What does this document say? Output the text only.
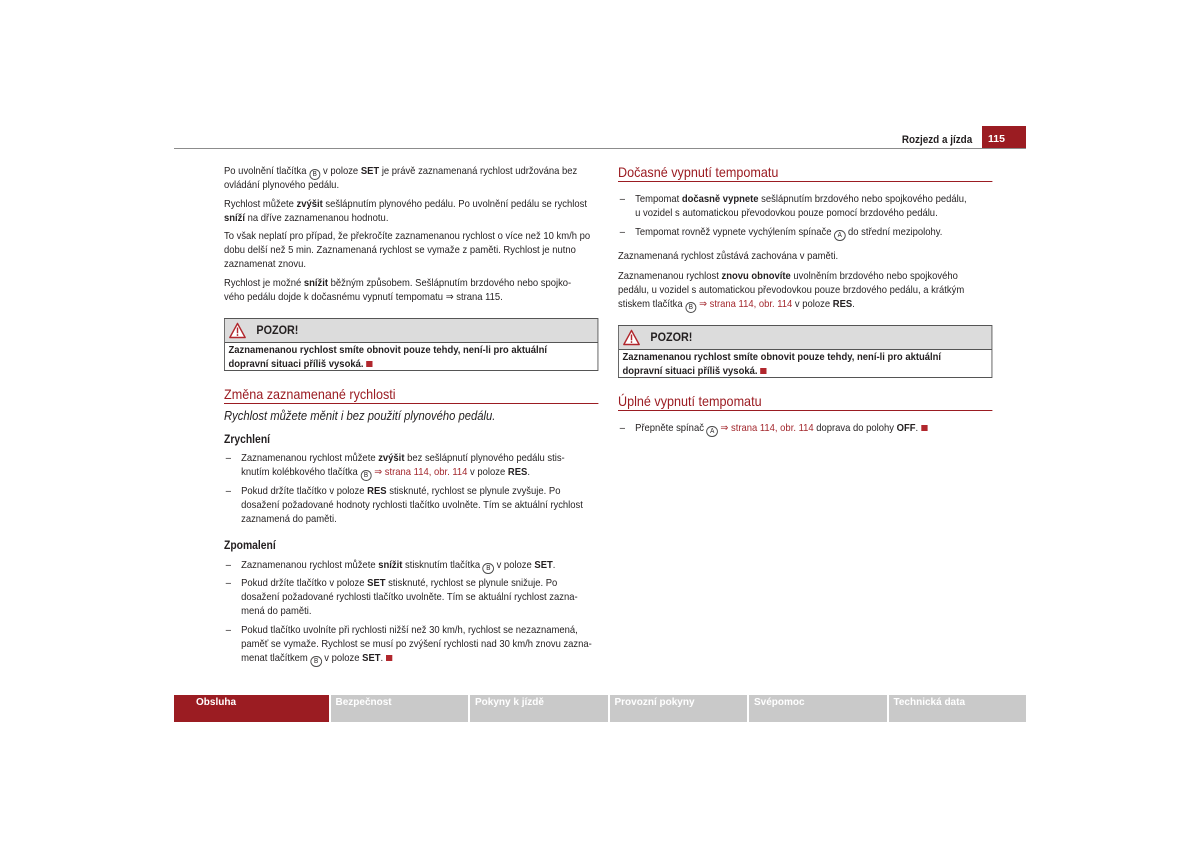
Rozjezd a jízda	115
Po uvolnění tlačítka B v poloze SET je právě zaznamenaná rychlost udržována bez
ovládání plynového pedálu.
Rychlost můžete zvýšit sešlápnutím plynového pedálu. Po uvolnění pedálu se rychlost
sníží na dříve zaznamenanou hodnotu.
To však neplatí pro případ, že překročíte zaznamenanou rychlost o více než 10 km/h po
dobu delší než 5 min. Zaznamenaná rychlost se vymaže z paměti. Rychlost je nutno
zaznamenat znovu.
Rychlost je možné snížit běžným způsobem. Sešlápnutím brzdového nebo spojko-
vého pedálu dojde k dočasnému vypnutí tempomatu ⇒ strana 115.
POZOR!
Zaznamenanou rychlost smíte obnovit pouze tehdy, není-li pro aktuální
dopravní situaci příliš vysoká.
Změna zaznamenané rychlosti
Rychlost můžete měnit i bez použití plynového pedálu.
Zrychlení
– Zaznamenanou rychlost můžete zvýšit bez sešlápnutí plynového pedálu stis-
knutím kolébkového tlačítka B ⇒ strana 114, obr. 114 v poloze RES.
– Pokud držíte tlačítko v poloze RES stisknuté, rychlost se plynule zvyšuje. Po
dosažení požadované hodnoty rychlosti tlačítko uvolněte. Tím se aktuální rychlost
zaznamená do paměti.
Zpomalení
– Zaznamenanou rychlost můžete snížit stisknutím tlačítka B v poloze SET.
– Pokud držíte tlačítko v poloze SET stisknuté, rychlost se plynule snižuje. Po
dosažení požadované rychlosti tlačítko uvolněte. Tím se aktuální rychlost zazna-
mená do paměti.
– Pokud tlačítko uvolníte při rychlosti nižší než 30 km/h, rychlost se nezaznamená,
paměť se vymaže. Rychlost se musí po zvýšení rychlosti nad 30 km/h znovu zazna-
menat tlačítkem B v poloze SET.
Dočasné vypnutí tempomatu
– Tempomat dočasně vypnete sešlápnutím brzdového nebo spojkového pedálu,
u vozidel s automatickou převodovkou pouze pomocí brzdového pedálu.
– Tempomat rovněž vypnete vychýlením spínače A do střední mezipolohy.
Zaznamenaná rychlost zůstává zachována v paměti.
Zaznamenanou rychlost znovu obnovíte uvolněním brzdového nebo spojkového
pedálu, u vozidel s automatickou převodovkou pouze brzdového pedálu, a krátkým
stiskem tlačítka B ⇒ strana 114, obr. 114 v poloze RES.
POZOR!
Zaznamenanou rychlost smíte obnovit pouze tehdy, není-li pro aktuální
dopravní situaci příliš vysoká.
Úplné vypnutí tempomatu
– Přepněte spínač A ⇒ strana 114, obr. 114 doprava do polohy OFF.
Obsluha	Bezpečnost	Pokyny k jízdě	Provozní pokyny	Svépomoc	Technická data
